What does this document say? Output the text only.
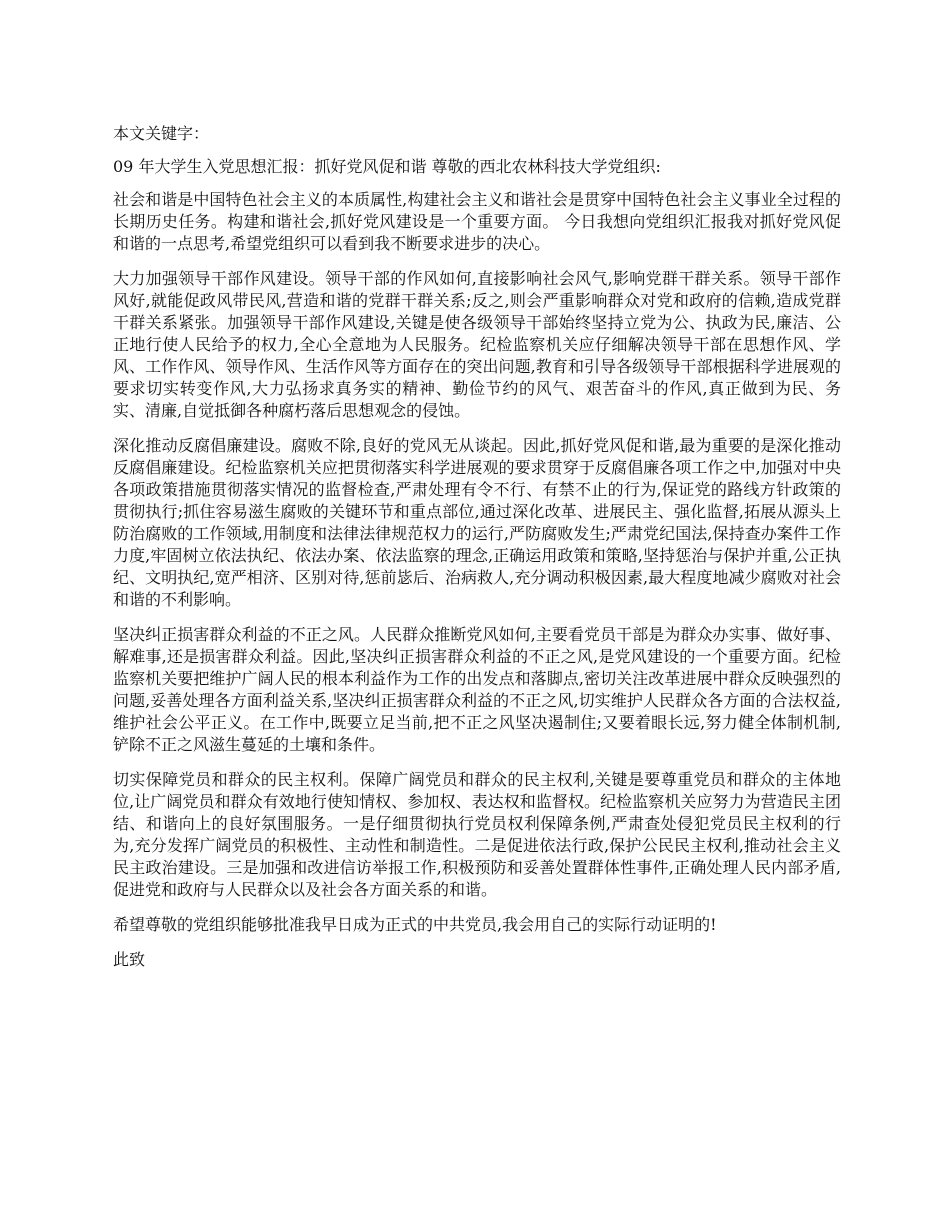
本文关键字：

09 年大学生入党思想汇报：抓好党风促和谐 尊敬的西北农林科技大学党组织:

社会和谐是中国特色社会主义的本质属性,构建社会主义和谐社会是贯穿中国特色社会主义事业全过程的长期历史任务。构建和谐社会,抓好党风建设是一个重要方面。 今日我想向党组织汇报我对抓好党风促和谐的一点思考,希望党组织可以看到我不断要求进步的决心。

大力加强领导干部作风建设。领导干部的作风如何,直接影响社会风气,影响党群干群关系。领导干部作风好,就能促政风带民风,营造和谐的党群干群关系;反之,则会严重影响群众对党和政府的信赖,造成党群干群关系紧张。加强领导干部作风建设,关键是使各级领导干部始终坚持立党为公、执政为民,廉洁、公正地行使人民给予的权力,全心全意地为人民服务。纪检监察机关应仔细解决领导干部在思想作风、学风、工作作风、领导作风、生活作风等方面存在的突出问题,教育和引导各级领导干部根据科学进展观的要求切实转变作风,大力弘扬求真务实的精神、勤俭节约的风气、艰苦奋斗的作风,真正做到为民、务实、清廉,自觉抵御各种腐朽落后思想观念的侵蚀。

深化推动反腐倡廉建设。腐败不除,良好的党风无从谈起。因此,抓好党风促和谐,最为重要的是深化推动反腐倡廉建设。纪检监察机关应把贯彻落实科学进展观的要求贯穿于反腐倡廉各项工作之中,加强对中央各项政策措施贯彻落实情况的监督检查,严肃处理有令不行、有禁不止的行为,保证党的路线方针政策的贯彻执行;抓住容易滋生腐败的关键环节和重点部位,通过深化改革、进展民主、强化监督,拓展从源头上防治腐败的工作领域,用制度和法律法律规范权力的运行,严防腐败发生;严肃党纪国法,保持查办案件工作力度,牢固树立依法执纪、依法办案、依法监察的理念,正确运用政策和策略,坚持惩治与保护并重,公正执纪、文明执纪,宽严相济、区别对待,惩前毖后、治病救人,充分调动积极因素,最大程度地减少腐败对社会和谐的不利影响。

坚决纠正损害群众利益的不正之风。人民群众推断党风如何,主要看党员干部是为群众办实事、做好事、解难事,还是损害群众利益。因此,坚决纠正损害群众利益的不正之风,是党风建设的一个重要方面。纪检监察机关要把维护广阔人民的根本利益作为工作的出发点和落脚点,密切关注改革进展中群众反映强烈的问题,妥善处理各方面利益关系,坚决纠正损害群众利益的不正之风,切实维护人民群众各方面的合法权益,维护社会公平正义。在工作中,既要立足当前,把不正之风坚决遏制住;又要着眼长远,努力健全体制机制,铲除不正之风滋生蔓延的土壤和条件。

切实保障党员和群众的民主权利。保障广阔党员和群众的民主权利,关键是要尊重党员和群众的主体地位,让广阔党员和群众有效地行使知情权、参加权、表达权和监督权。纪检监察机关应努力为营造民主团结、和谐向上的良好氛围服务。一是仔细贯彻执行党员权利保障条例,严肃查处侵犯党员民主权利的行为,充分发挥广阔党员的积极性、主动性和制造性。二是促进依法行政,保护公民民主权利,推动社会主义民主政治建设。三是加强和改进信访举报工作,积极预防和妥善处置群体性事件,正确处理人民内部矛盾,促进党和政府与人民群众以及社会各方面关系的和谐。

希望尊敬的党组织能够批准我早日成为正式的中共党员,我会用自己的实际行动证明的!

此致
